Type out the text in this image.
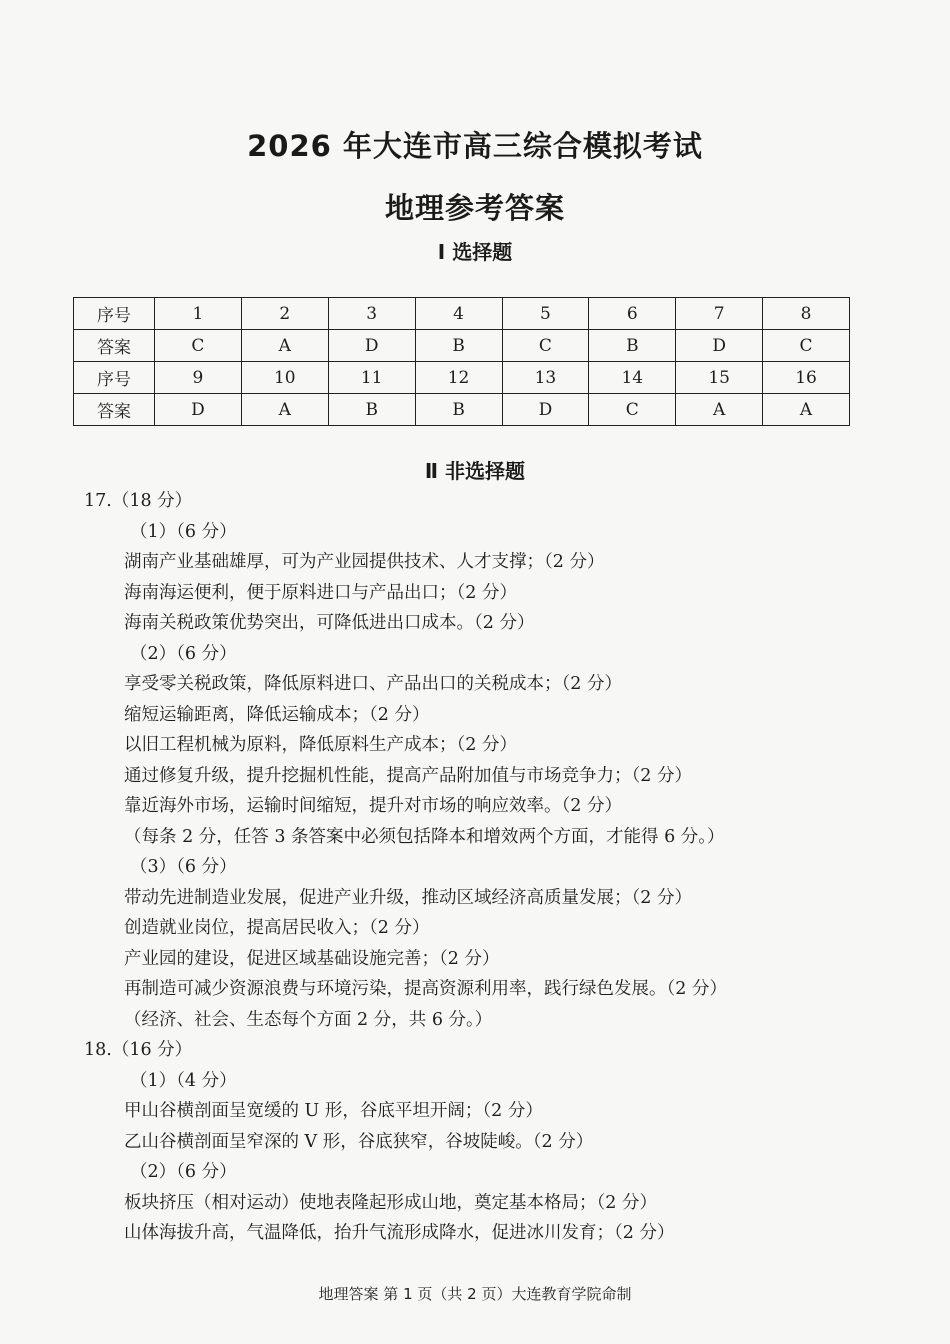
2026 年大连市高三综合模拟考试
地理参考答案
Ⅰ 选择题
序号	1	2	3	4	5	6	7	8
答案	C	A	D	B	C	B	D	C
序号	9	10	11	12	13	14	15	16
答案	D	A	B	B	D	C	A	A
Ⅱ 非选择题
17.（18 分）
（1）（6 分）
湖南产业基础雄厚，可为产业园提供技术、人才支撑；（2 分）
海南海运便利，便于原料进口与产品出口；（2 分）
海南关税政策优势突出，可降低进出口成本。（2 分）
（2）（6 分）
享受零关税政策，降低原料进口、产品出口的关税成本；（2 分）
缩短运输距离，降低运输成本；（2 分）
以旧工程机械为原料，降低原料生产成本；（2 分）
通过修复升级，提升挖掘机性能，提高产品附加值与市场竞争力；（2 分）
靠近海外市场，运输时间缩短，提升对市场的响应效率。（2 分）
（每条 2 分，任答 3 条答案中必须包括降本和增效两个方面，才能得 6 分。）
（3）（6 分）
带动先进制造业发展，促进产业升级，推动区域经济高质量发展；（2 分）
创造就业岗位，提高居民收入；（2 分）
产业园的建设，促进区域基础设施完善；（2 分）
再制造可减少资源浪费与环境污染，提高资源利用率，践行绿色发展。（2 分）
（经济、社会、生态每个方面 2 分，共 6 分。）
18.（16 分）
（1）（4 分）
甲山谷横剖面呈宽缓的 U 形，谷底平坦开阔；（2 分）
乙山谷横剖面呈窄深的 V 形，谷底狭窄，谷坡陡峻。（2 分）
（2）（6 分）
板块挤压（相对运动）使地表隆起形成山地，奠定基本格局；（2 分）
山体海拔升高，气温降低，抬升气流形成降水，促进冰川发育；（2 分）
地理答案 第 1 页（共 2 页）大连教育学院命制
